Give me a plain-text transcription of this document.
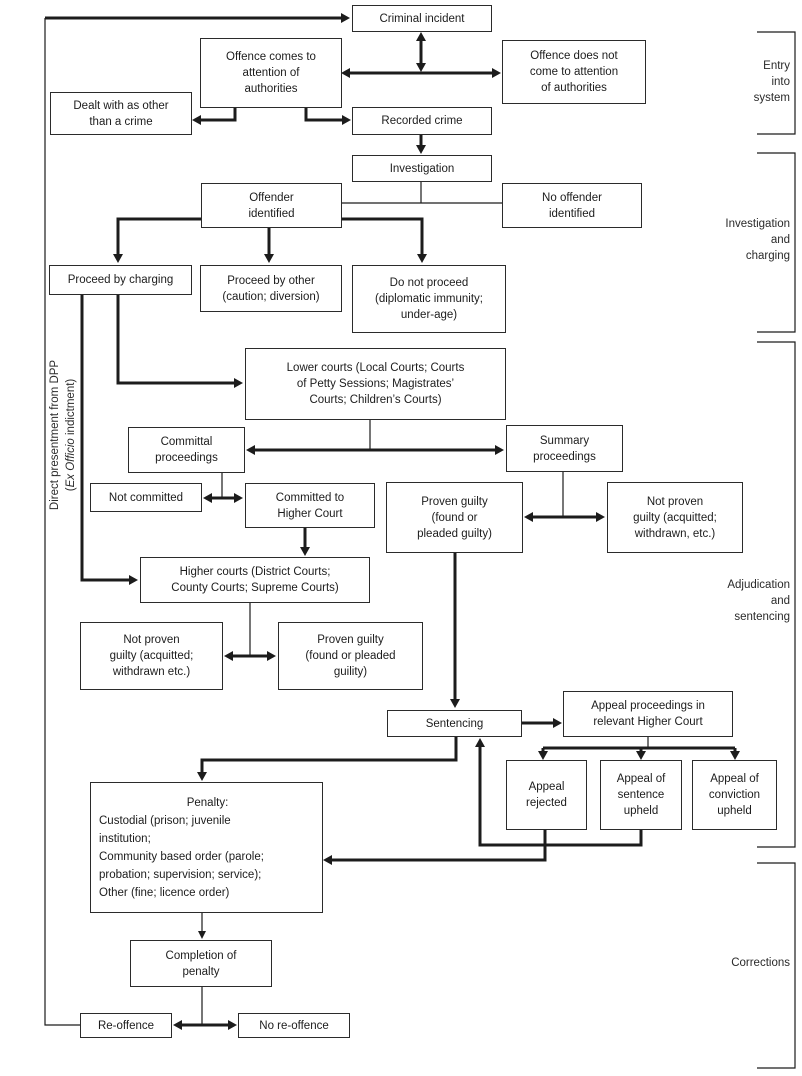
Criminal incident
Offence comes to
attention of
authorities
Offence does not
come to attention
of authorities
Dealt with as other
than a crime	Recorded crime
Investigation
Offender
identified
No offender
identified
Proceed by charging	Proceed by other
(caution; diversion)
Do not proceed
(diplomatic immunity;
under-age)
Lower courts (Local Courts; Courts
of Petty Sessions; Magistrates’
Courts; Children’s Courts)
Committal
proceedings
Summary
proceedings
Not committed	Committed to
Higher Court
Proven guilty
(found or
pleaded guilty)
Not proven
guilty (acquitted;
withdrawn, etc.)
Higher courts (District Courts;
County Courts; Supreme Courts)
Not proven
guilty (acquitted;
withdrawn etc.)
Proven guilty
(found or pleaded
guility)
Sentencing
Appeal proceedings in
relevant Higher Court
Appeal
rejected
Appeal of
sentence
upheld
Appeal of
conviction
upheld
Penalty:
Custodial (prison; juvenile
institution;
Community based order (parole;
probation; supervision; service);
Other (fine; licence order)
Completion of
penalty
Re-offence	No re-offence
Direct presentment from DPP (Ex Officio indictment)
Entry
into
system
Investigation
and
charging
Adjudication
and
sentencing
Corrections
